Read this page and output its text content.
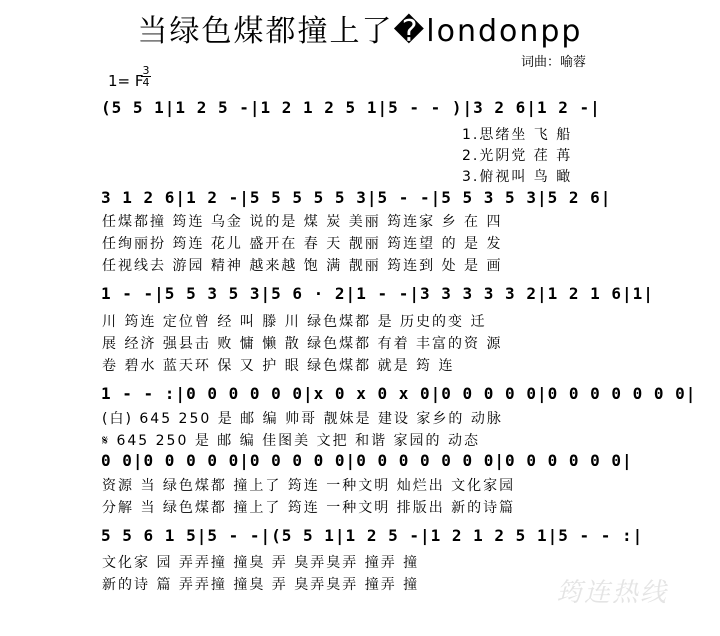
当绿色煤都撞上了�londonpp
词曲：喻蓉
1= F
$\frac{3}{4}$
(5 5 1|1 2 5 -|1 2 1 2 5 1|5 - - )|3 2 6|1 2 -|
1.思绪坐 飞 船
2.光阴党 荏 苒
3.俯视叫 鸟 瞰
3 1 2 6|1 2 -|5 5 5 5 5 3|5 - -|5 5 3 5 3|5 2 6|
任煤都撞 筠连 乌金 说的是 煤 炭 美丽 筠连家 乡 在 四
任绚丽扮 筠连 花儿 盛开在 春 天 靓丽 筠连望 的 是 发
任视线去 游园 精神 越来越 饱 满 靓丽 筠连到 处 是 画
1 - -|5 5 3 5 3|5 6 · 2|1 - -|3 3 3 3 3 2|1 2 1 6|1|
川 筠连 定位曾 经 叫 滕 川 绿色煤都 是 历史的变 迁
展 经济 强县击 败 慵 懒 散 绿色煤都 有着 丰富的资 源
卷 碧水 蓝天环 保 又 护 眼 绿色煤都 就是 筠 连
1 - - :|0 0 0 0 0 0|x 0 x 0 x 0|0 0 0 0 0|0 0 0 0 0 0 0|
(白) 645 250 是 邮 编 帅哥 靓妹是 建设 家乡的 动脉
𝄋 645 250 是 邮 编 佳图美 文把 和谐 家园的 动态
0 0|0 0 0 0 0|0 0 0 0 0|0 0 0 0 0 0 0|0 0 0 0 0 0|
资源 当 绿色煤都 撞上了 筠连 一种文明 灿烂出 文化家园
分解 当 绿色煤都 撞上了 筠连 一种文明 排版出 新的诗篇
5 5 6 1 5|5 - -|(5 5 1|1 2 5 -|1 2 1 2 5 1|5 - - :|
文化家 园 弄弄撞 撞臭 弄 臭弄臭弄 撞弄 撞
新的诗 篇 弄弄撞 撞臭 弄 臭弄臭弄 撞弄 撞	筠连热线
